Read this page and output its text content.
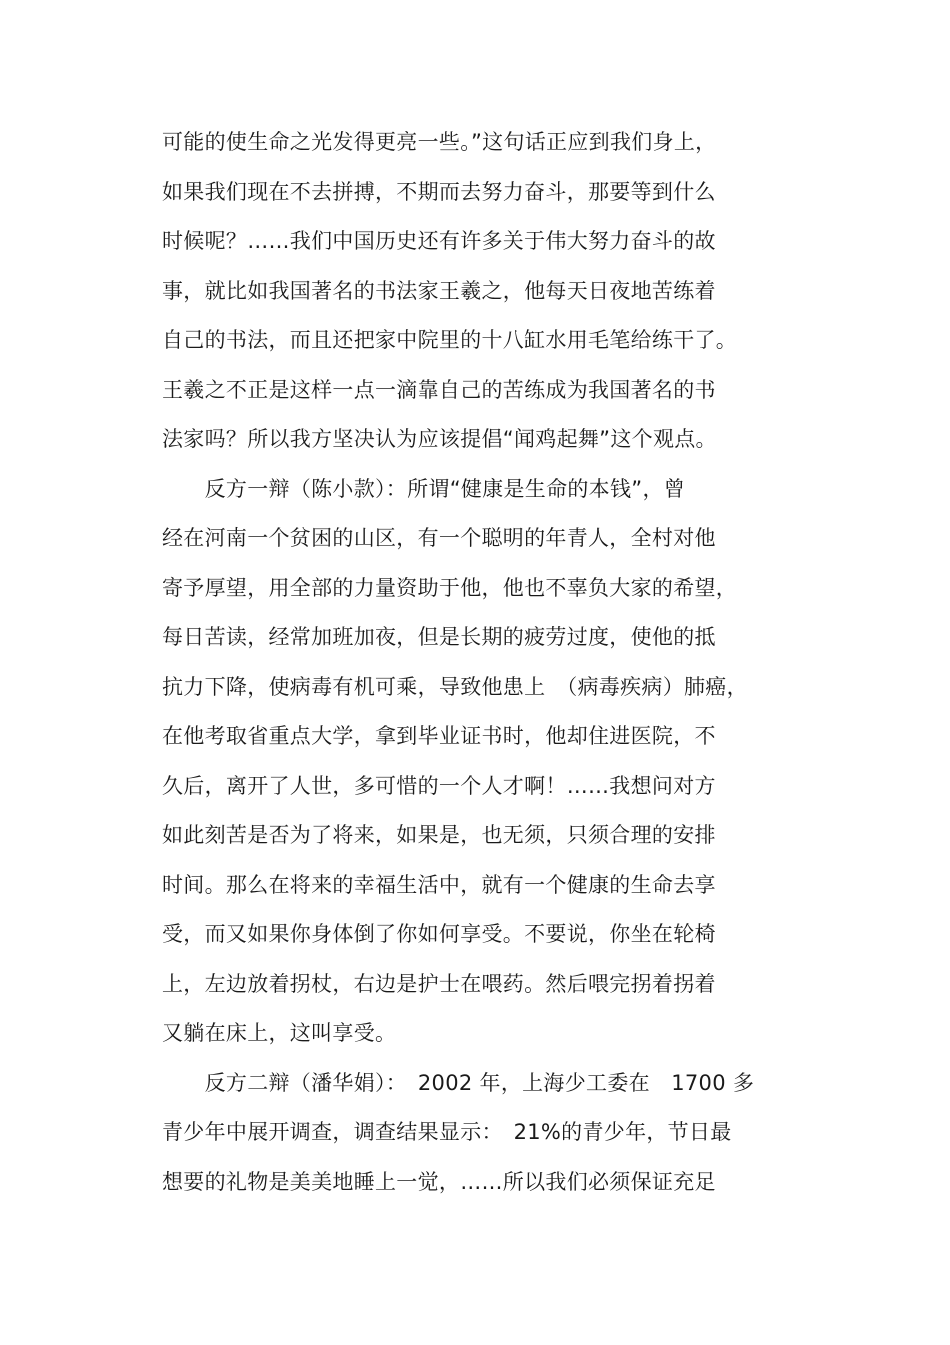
可能的使生命之光发得更亮一些。”这句话正应到我们身上，
如果我们现在不去拼搏，不期而去努力奋斗，那要等到什么
时候呢？……我们中国历史还有许多关于伟大努力奋斗的故
事，就比如我国著名的书法家王羲之，他每天日夜地苦练着
自己的书法，而且还把家中院里的十八缸水用毛笔给练干了。
王羲之不正是这样一点一滴靠自己的苦练成为我国著名的书
法家吗？所以我方坚决认为应该提倡“闻鸡起舞”这个观点。
　　反方一辩（陈小款）：所谓“健康是生命的本钱”，曾
经在河南一个贫困的山区，有一个聪明的年青人，全村对他
寄予厚望，用全部的力量资助于他，他也不辜负大家的希望，
每日苦读，经常加班加夜，但是长期的疲劳过度，使他的抵
抗力下降，使病毒有机可乘，导致他患上　（病毒疾病）肺癌，
在他考取省重点大学，拿到毕业证书时，他却住进医院，不
久后，离开了人世，多可惜的一个人才啊！……我想问对方
如此刻苦是否为了将来，如果是，也无须，只须合理的安排
时间。那么在将来的幸福生活中，就有一个健康的生命去享
受，而又如果你身体倒了你如何享受。不要说，你坐在轮椅
上，左边放着拐杖，右边是护士在喂药。然后喂完拐着拐着
又躺在床上，这叫享受。
　　反方二辩（潘华娟）：　2002 年，上海少工委在　1700 多
青少年中展开调查，调查结果显示：　21%的青少年，节日最
想要的礼物是美美地睡上一觉，……所以我们必须保证充足
